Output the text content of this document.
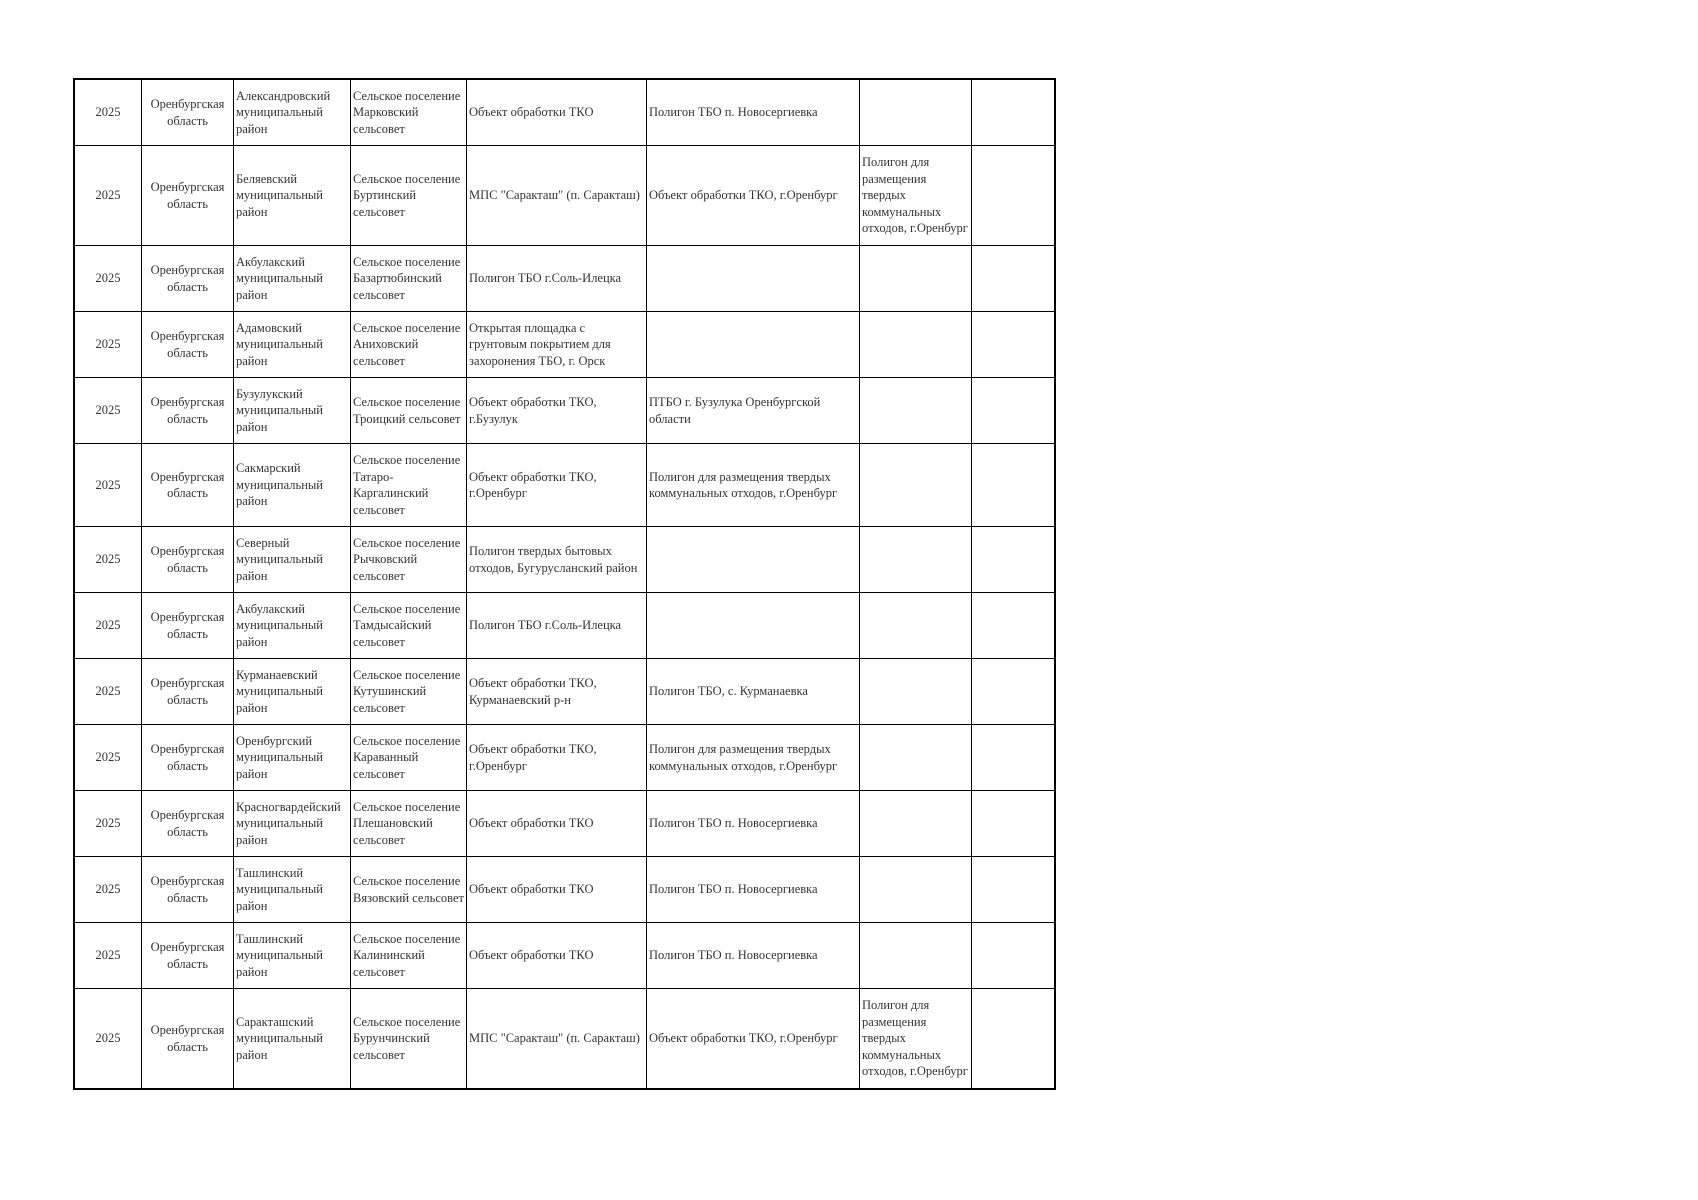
2025	Оренбургская область	Александровский муниципальный район	Сельское поселение Марковский сельсовет	Объект обработки ТКО	Полигон ТБО п. Новосергиевка		
2025	Оренбургская область	Беляевский муниципальный район	Сельское поселение Буртинский сельсовет	МПС "Саракташ" (п. Саракташ)	Объект обработки ТКО, г.Оренбург	Полигон для размещения твердых коммунальных отходов, г.Оренбург	
2025	Оренбургская область	Акбулакский муниципальный район	Сельское поселение Базартюбинский сельсовет	Полигон ТБО г.Соль-Илецка			
2025	Оренбургская область	Адамовский муниципальный район	Сельское поселение Аниховский сельсовет	Открытая площадка с грунтовым покрытием для захоронения ТБО, г. Орск			
2025	Оренбургская область	Бузулукский муниципальный район	Сельское поселение Троицкий сельсовет	Объект обработки ТКО, г.Бузулук	ПТБО г. Бузулука Оренбургской области		
2025	Оренбургская область	Сакмарский муниципальный район	Сельское поселение Татаро-Каргалинский сельсовет	Объект обработки ТКО, г.Оренбург	Полигон для размещения твердых коммунальных отходов, г.Оренбург		
2025	Оренбургская область	Северный муниципальный район	Сельское поселение Рычковский сельсовет	Полигон твердых бытовых отходов, Бугурусланский район			
2025	Оренбургская область	Акбулакский муниципальный район	Сельское поселение Тамдысайский сельсовет	Полигон ТБО г.Соль-Илецка			
2025	Оренбургская область	Курманаевский муниципальный район	Сельское поселение Кутушинский сельсовет	Объект обработки ТКО, Курманаевский р-н	Полигон ТБО, с. Курманаевка		
2025	Оренбургская область	Оренбургский муниципальный район	Сельское поселение Караванный сельсовет	Объект обработки ТКО, г.Оренбург	Полигон для размещения твердых коммунальных отходов, г.Оренбург		
2025	Оренбургская область	Красногвардейский муниципальный район	Сельское поселение Плешановский сельсовет	Объект обработки ТКО	Полигон ТБО п. Новосергиевка		
2025	Оренбургская область	Ташлинский муниципальный район	Сельское поселение Вязовский сельсовет	Объект обработки ТКО	Полигон ТБО п. Новосергиевка		
2025	Оренбургская область	Ташлинский муниципальный район	Сельское поселение Калининский сельсовет	Объект обработки ТКО	Полигон ТБО п. Новосергиевка		
2025	Оренбургская область	Саракташский муниципальный район	Сельское поселение Бурунчинский сельсовет	МПС "Саракташ" (п. Саракташ)	Объект обработки ТКО, г.Оренбург	Полигон для размещения твердых коммунальных отходов, г.Оренбург	
